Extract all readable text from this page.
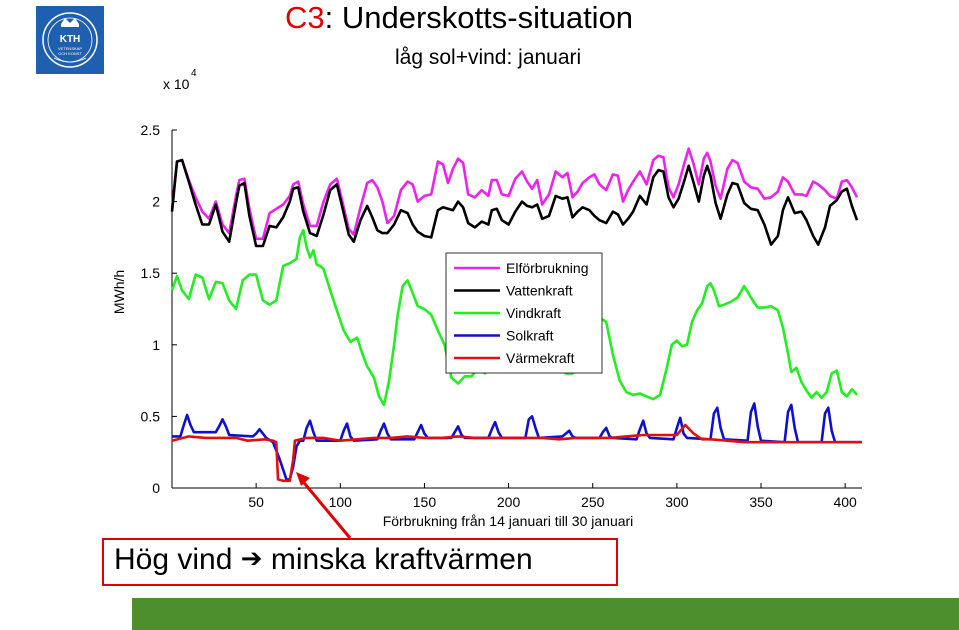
KTH
VETENSKAP
OCH KONST
C3: Underskotts-situation
låg sol+vind: januari
x 10
4
0
0.5
1
1.5
2
2.5
50	100	150	200	250	300	350	400
MWh/h
Förbrukning från 14 januari till 30 januari
Elförbrukning
Vattenkraft
Vindkraft
Solkraft
Värmekraft
Hög vind ➔ minska kraftvärmen
